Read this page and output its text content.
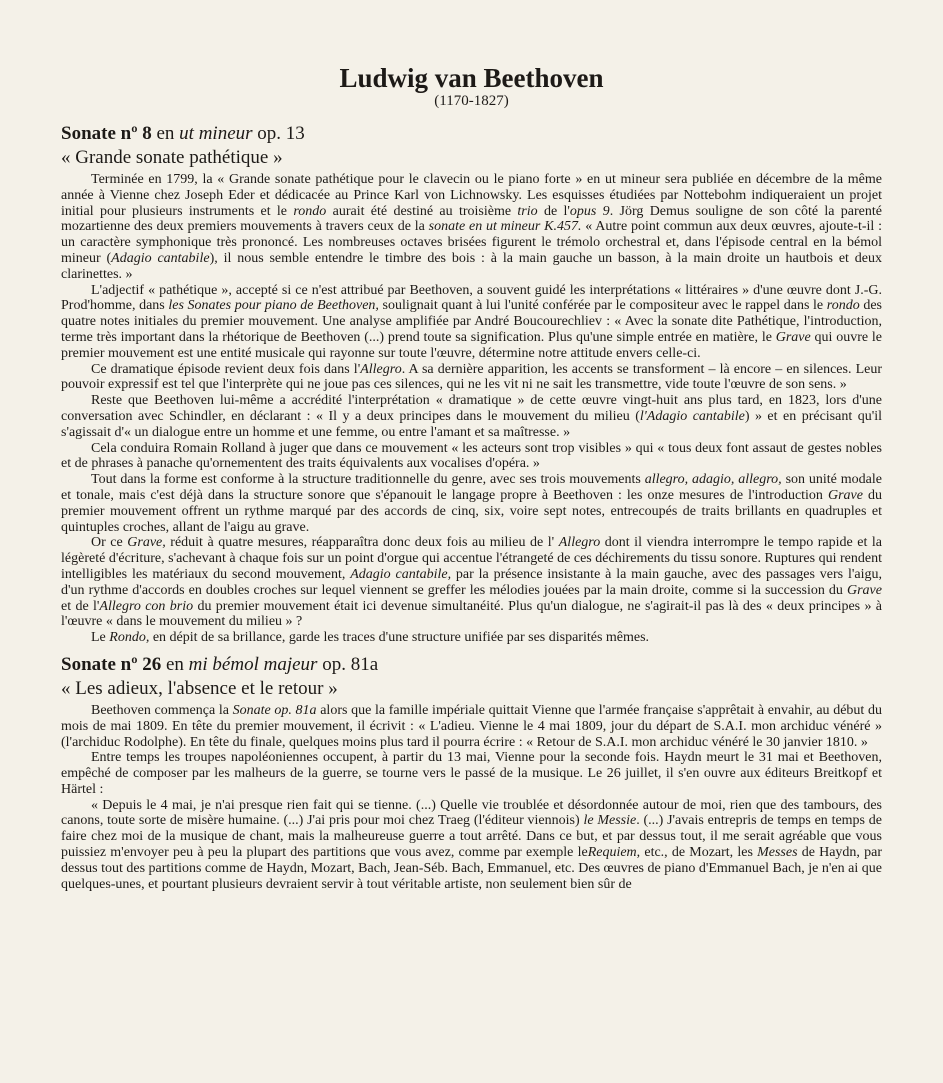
Ludwig van Beethoven
(1170-1827)
Sonate nº 8 en ut mineur op. 13
« Grande sonate pathétique »

Terminée en 1799, la « Grande sonate pathétique pour le clavecin ou le piano forte » en ut mineur sera publiée en décembre de la même année à Vienne chez Joseph Eder et dédicacée au Prince Karl von Lichnowsky. Les esquisses étudiées par Nottebohm indiqueraient un projet initial pour plusieurs instruments et le rondo aurait été destiné au troisième trio de l'opus 9. Jörg Demus souligne de son côté la parenté mozartienne des deux premiers mouvements à travers ceux de la sonate en ut mineur K.457. « Autre point commun aux deux œuvres, ajoute-t-il : un caractère symphonique très prononcé. Les nombreuses octaves brisées figurent le trémolo orchestral et, dans l'épisode central en la bémol mineur (Adagio cantabile), il nous semble entendre le timbre des bois : à la main gauche un basson, à la main droite un hautbois et deux clarinettes. »

L'adjectif « pathétique », accepté si ce n'est attribué par Beethoven, a souvent guidé les interprétations « littéraires » d'une œuvre dont J.-G. Prod'homme, dans les Sonates pour piano de Beethoven, soulignait quant à lui l'unité conférée par le compositeur avec le rappel dans le rondo des quatre notes initiales du premier mouvement. Une analyse amplifiée par André Boucourechliev : « Avec la sonate dite Pathétique, l'introduction, terme très important dans la rhétorique de Beethoven (...) prend toute sa signification. Plus qu'une simple entrée en matière, le Grave qui ouvre le premier mouvement est une entité musicale qui rayonne sur toute l'œuvre, détermine notre attitude envers celle-ci.

Ce dramatique épisode revient deux fois dans l'Allegro. A sa dernière apparition, les accents se transforment – là encore – en silences. Leur pouvoir expressif est tel que l'interprète qui ne joue pas ces silences, qui ne les vit ni ne sait les transmettre, vide toute l'œuvre de son sens. »

Reste que Beethoven lui-même a accrédité l'interprétation « dramatique » de cette œuvre vingt-huit ans plus tard, en 1823, lors d'une conversation avec Schindler, en déclarant : « Il y a deux principes dans le mouvement du milieu (l'Adagio cantabile) » et en précisant qu'il s'agissait d'« un dialogue entre un homme et une femme, ou entre l'amant et sa maîtresse. »

Cela conduira Romain Rolland à juger que dans ce mouvement « les acteurs sont trop visibles » qui « tous deux font assaut de gestes nobles et de phrases à panache qu'ornementent des traits équivalents aux vocalises d'opéra. »

Tout dans la forme est conforme à la structure traditionnelle du genre, avec ses trois mouvements allegro, adagio, allegro, son unité modale et tonale, mais c'est déjà dans la structure sonore que s'épanouit le langage propre à Beethoven : les onze mesures de l'introduction Grave du premier mouvement offrent un rythme marqué par des accords de cinq, six, voire sept notes, entrecoupés de traits brillants en quadruples et quintuples croches, allant de l'aigu au grave.

Or ce Grave, réduit à quatre mesures, réapparaîtra donc deux fois au milieu de l' Allegro dont il viendra interrompre le tempo rapide et la légèreté d'écriture, s'achevant à chaque fois sur un point d'orgue qui accentue l'étrangeté de ces déchirements du tissu sonore. Ruptures qui rendent intelligibles les matériaux du second mouvement, Adagio cantabile, par la présence insistante à la main gauche, avec des passages vers l'aigu, d'un rythme d'accords en doubles croches sur lequel viennent se greffer les mélodies jouées par la main droite, comme si la succession du Grave et de l'Allegro con brio du premier mouvement était ici devenue simultanéité. Plus qu'un dialogue, ne s'agirait-il pas là des « deux principes » à l'œuvre « dans le mouvement du milieu » ?

Le Rondo, en dépit de sa brillance, garde les traces d'une structure unifiée par ses disparités mêmes.

Sonate nº 26 en mi bémol majeur op. 81a
« Les adieux, l'absence et le retour »

Beethoven commença la Sonate op. 81a alors que la famille impériale quittait Vienne que l'armée française s'apprêtait à envahir, au début du mois de mai 1809. En tête du premier mouvement, il écrivit : « L'adieu. Vienne le 4 mai 1809, jour du départ de S.A.I. mon archiduc vénéré » (l'archiduc Rodolphe). En tête du finale, quelques moins plus tard il pourra écrire : « Retour de S.A.I. mon archiduc vénéré le 30 janvier 1810. »

Entre temps les troupes napoléoniennes occupent, à partir du 13 mai, Vienne pour la seconde fois. Haydn meurt le 31 mai et Beethoven, empêché de composer par les malheurs de la guerre, se tourne vers le passé de la musique. Le 26 juillet, il s'en ouvre aux éditeurs Breitkopf et Härtel :

« Depuis le 4 mai, je n'ai presque rien fait qui se tienne. (...) Quelle vie troublée et désordonnée autour de moi, rien que des tambours, des canons, toute sorte de misère humaine. (...) J'ai pris pour moi chez Traeg (l'éditeur viennois) le Messie. (...) J'avais entrepris de temps en temps de faire chez moi de la musique de chant, mais la malheureuse guerre a tout arrêté. Dans ce but, et par dessus tout, il me serait agréable que vous puissiez m'envoyer peu à peu la plupart des partitions que vous avez, comme par exemple leRequiem, etc., de Mozart, les Messes de Haydn, par dessus tout des partitions comme de Haydn, Mozart, Bach, Jean-Séb. Bach, Emmanuel, etc. Des œuvres de piano d'Emmanuel Bach, je n'en ai que quelques-unes, et pourtant plusieurs devraient servir à tout véritable artiste, non seulement bien sûr de
